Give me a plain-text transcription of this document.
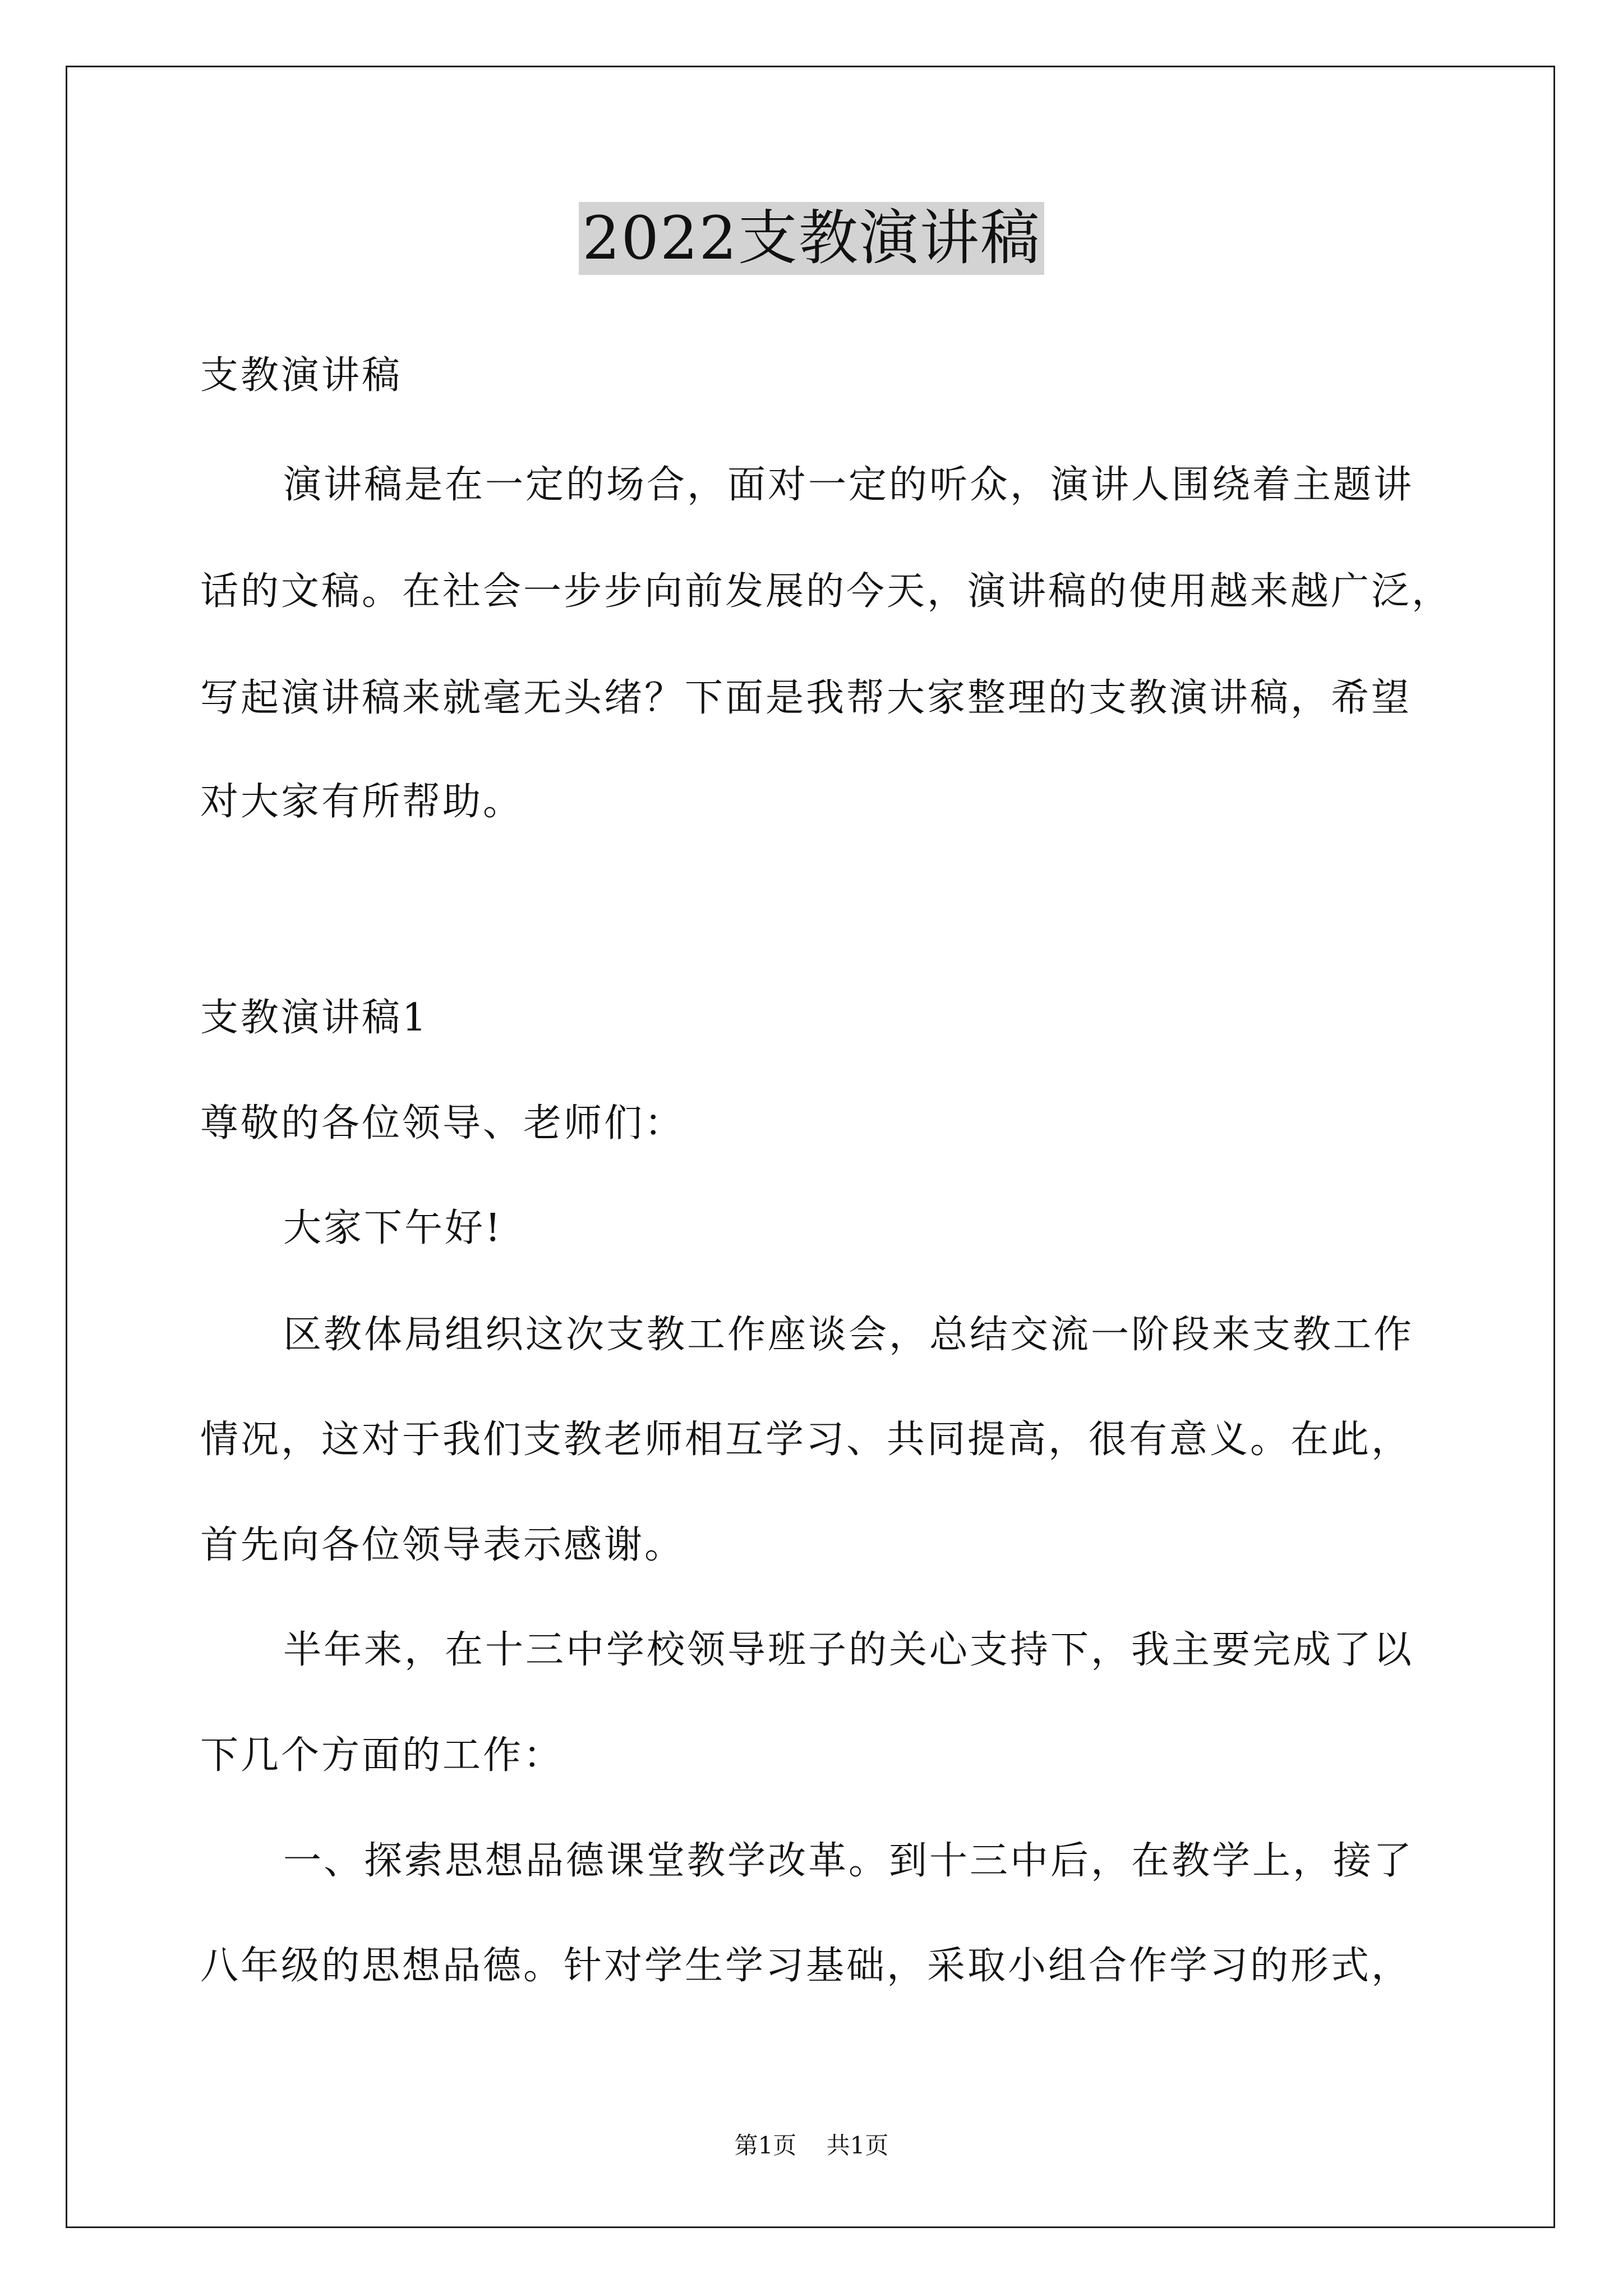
2022支教演讲稿
支教演讲稿
演讲稿是在一定的场合，面对一定的听众，演讲人围绕着主题讲
话的文稿。在社会一步步向前发展的今天，演讲稿的使用越来越广泛，
写起演讲稿来就毫无头绪？下面是我帮大家整理的支教演讲稿，希望
对大家有所帮助。
支教演讲稿1
尊敬的各位领导、老师们：
大家下午好!
区教体局组织这次支教工作座谈会，总结交流一阶段来支教工作
情况，这对于我们支教老师相互学习、共同提高，很有意义。在此，
首先向各位领导表示感谢。
半年来，在十三中学校领导班子的关心支持下，我主要完成了以
下几个方面的工作：
一、探索思想品德课堂教学改革。到十三中后，在教学上，接了
八年级的思想品德。针对学生学习基础，采取小组合作学习的形式，
第1页 共1页
